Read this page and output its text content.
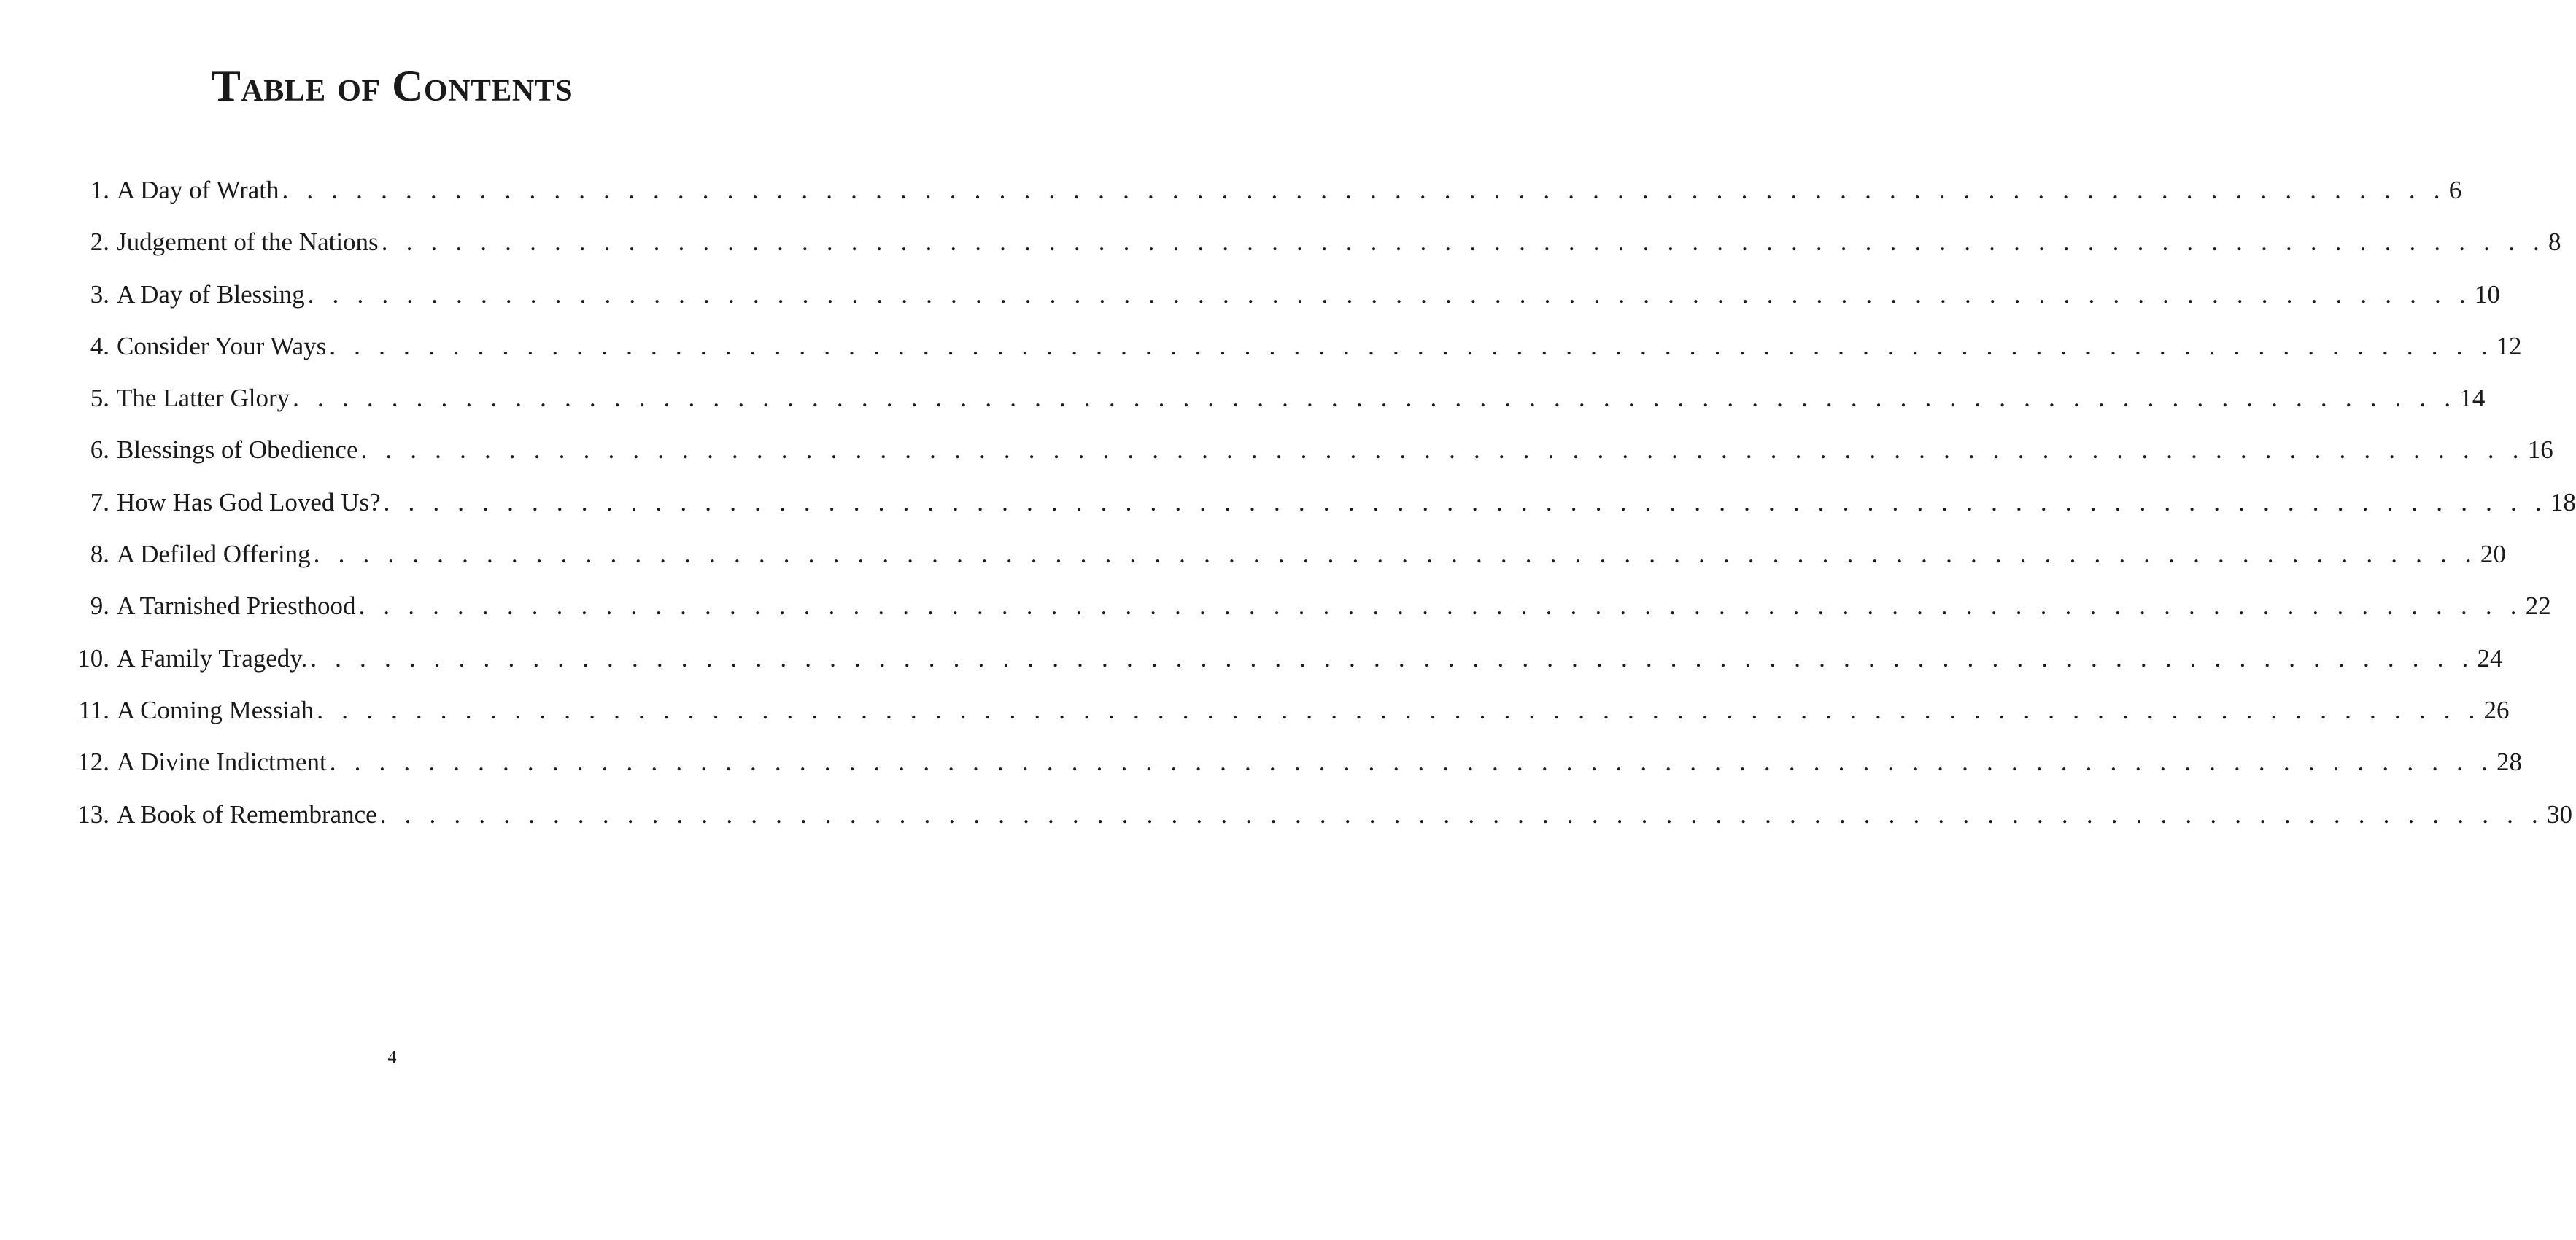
Table of Contents
1. A Day of Wrath . . . . . . . . . . . . . . . . . . . . . . . . . . . . . . . . . . . . . . . . . . . . . . . . . . . . . . . . . . . . . . . . . . . . . . . . . . . . . . . . . . . . . . . . 6
2. Judgement of the Nations . . . . . . . . . . . . . . . . . . . . . . . . . . . . . . . . . . . . . . . . . . . . . . . . . . . . . . . . . . . . . . . . . . . . . . . . . . . . . . . . . . . . . . . . 8
3. A Day of Blessing . . . . . . . . . . . . . . . . . . . . . . . . . . . . . . . . . . . . . . . . . . . . . . . . . . . . . . . . . . . . . . . . . . . . . . . . . . . . . . . . . . . . . . . . 10
4. Consider Your Ways . . . . . . . . . . . . . . . . . . . . . . . . . . . . . . . . . . . . . . . . . . . . . . . . . . . . . . . . . . . . . . . . . . . . . . . . . . . . . . . . . . . . . . . . 12
5. The Latter Glory . . . . . . . . . . . . . . . . . . . . . . . . . . . . . . . . . . . . . . . . . . . . . . . . . . . . . . . . . . . . . . . . . . . . . . . . . . . . . . . . . . . . . . . . 14
6. Blessings of Obedience . . . . . . . . . . . . . . . . . . . . . . . . . . . . . . . . . . . . . . . . . . . . . . . . . . . . . . . . . . . . . . . . . . . . . . . . . . . . . . . . . . . . . . . . 16
7. How Has God Loved Us? . . . . . . . . . . . . . . . . . . . . . . . . . . . . . . . . . . . . . . . . . . . . . . . . . . . . . . . . . . . . . . . . . . . . . . . . . . . . . . . . . . . . . . . . 18
8. A Defiled Offering . . . . . . . . . . . . . . . . . . . . . . . . . . . . . . . . . . . . . . . . . . . . . . . . . . . . . . . . . . . . . . . . . . . . . . . . . . . . . . . . . . . . . . . . 20
9. A Tarnished Priesthood . . . . . . . . . . . . . . . . . . . . . . . . . . . . . . . . . . . . . . . . . . . . . . . . . . . . . . . . . . . . . . . . . . . . . . . . . . . . . . . . . . . . . . . . 22
10. A Family Tragedy. . . . . . . . . . . . . . . . . . . . . . . . . . . . . . . . . . . . . . . . . . . . . . . . . . . . . . . . . . . . . . . . . . . . . . . . . . . . . . . . . . . . . . . . . 24
11. A Coming Messiah . . . . . . . . . . . . . . . . . . . . . . . . . . . . . . . . . . . . . . . . . . . . . . . . . . . . . . . . . . . . . . . . . . . . . . . . . . . . . . . . . . . . . . . . 26
12. A Divine Indictment . . . . . . . . . . . . . . . . . . . . . . . . . . . . . . . . . . . . . . . . . . . . . . . . . . . . . . . . . . . . . . . . . . . . . . . . . . . . . . . . . . . . . . . . 28
13. A Book of Remembrance . . . . . . . . . . . . . . . . . . . . . . . . . . . . . . . . . . . . . . . . . . . . . . . . . . . . . . . . . . . . . . . . . . . . . . . . . . . . . . . . . . . . . . . . 30
4
